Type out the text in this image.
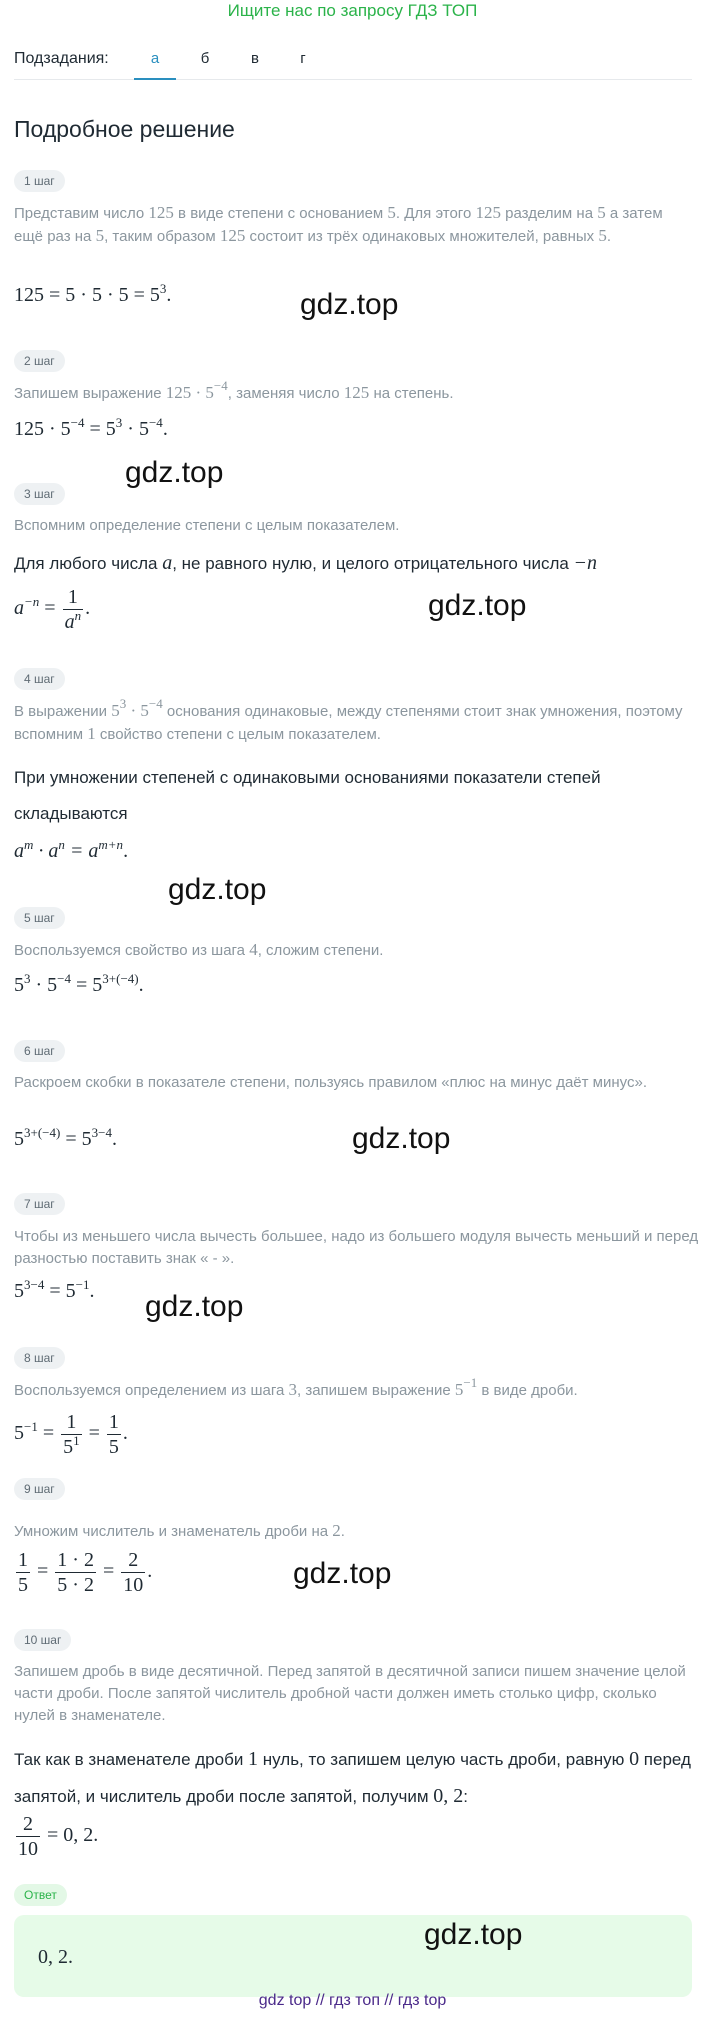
Ищите нас по запросу ГДЗ ТОП
Подзадания:	а	б	в	г
Подробное решение
1 шаг
Представим число 125 в виде степени с основанием 5. Для этого 125 разделим на 5 а затем ещё раз на 5, таким образом 125 состоит из трёх одинаковых множителей, равных 5.
$125 = 5 \cdot 5 \cdot 5 = 5^3$.	gdz.top
2 шаг
Запишем выражение $125 \cdot 5^{-4}$, заменяя число 125 на степень.
$125 \cdot 5^{-4} = 5^3 \cdot 5^{-4}$.
gdz.top
3 шаг
Вспомним определение степени с целым показателем.
Для любого числа a, не равного нулю, и целого отрицательного числа −n
$a^{-n} = \frac{1}{a^n}$ .	gdz.top
4 шаг
В выражении $5^3 \cdot 5^{-4}$ основания одинаковые, между степенями стоит знак умножения, поэтому вспомним 1 свойство степени с целым показателем.
При умножении степеней с одинаковыми основаниями показатели степей складываются
$a^m \cdot a^n = a^{m+n}$.
gdz.top
5 шаг
Воспользуемся свойство из шага 4, сложим степени.
$5^3 \cdot 5^{-4} = 5^{3+(-4)}$.
6 шаг
Раскроем скобки в показателе степени, пользуясь правилом «плюс на минус даёт минус».
$5^{3+(-4)} = 5^{3-4}$.	gdz.top
7 шаг
Чтобы из меньшего числа вычесть большее, надо из большего модуля вычесть меньший и перед разностью поставить знак « - ».
$5^{3-4} = 5^{-1}$. gdz.top
8 шаг
Воспользуемся определением из шага 3, запишем выражение $5^{-1}$ в виде дроби.
$5^{-1} = \frac{1}{5^1} = \frac{1}{5}$ .
9 шаг
Умножим числитель и знаменатель дроби на 2.
$\frac{1}{5} = \frac{1 \cdot 2}{5 \cdot 2} = \frac{2}{10}$ .	gdz.top
10 шаг
Запишем дробь в виде десятичной. Перед запятой в десятичной записи пишем значение целой части дроби. После запятой числитель дробной части должен иметь столько цифр, сколько нулей в знаменателе.
Так как в знаменателе дроби 1 нуль, то запишем целую часть дроби, равную 0 перед запятой, и числитель дроби после запятой, получим 0, 2:
$\frac{2}{10} = 0$, 2.
Ответ
0, 2.
gdz.top
gdz top // гдз топ // гдз top
